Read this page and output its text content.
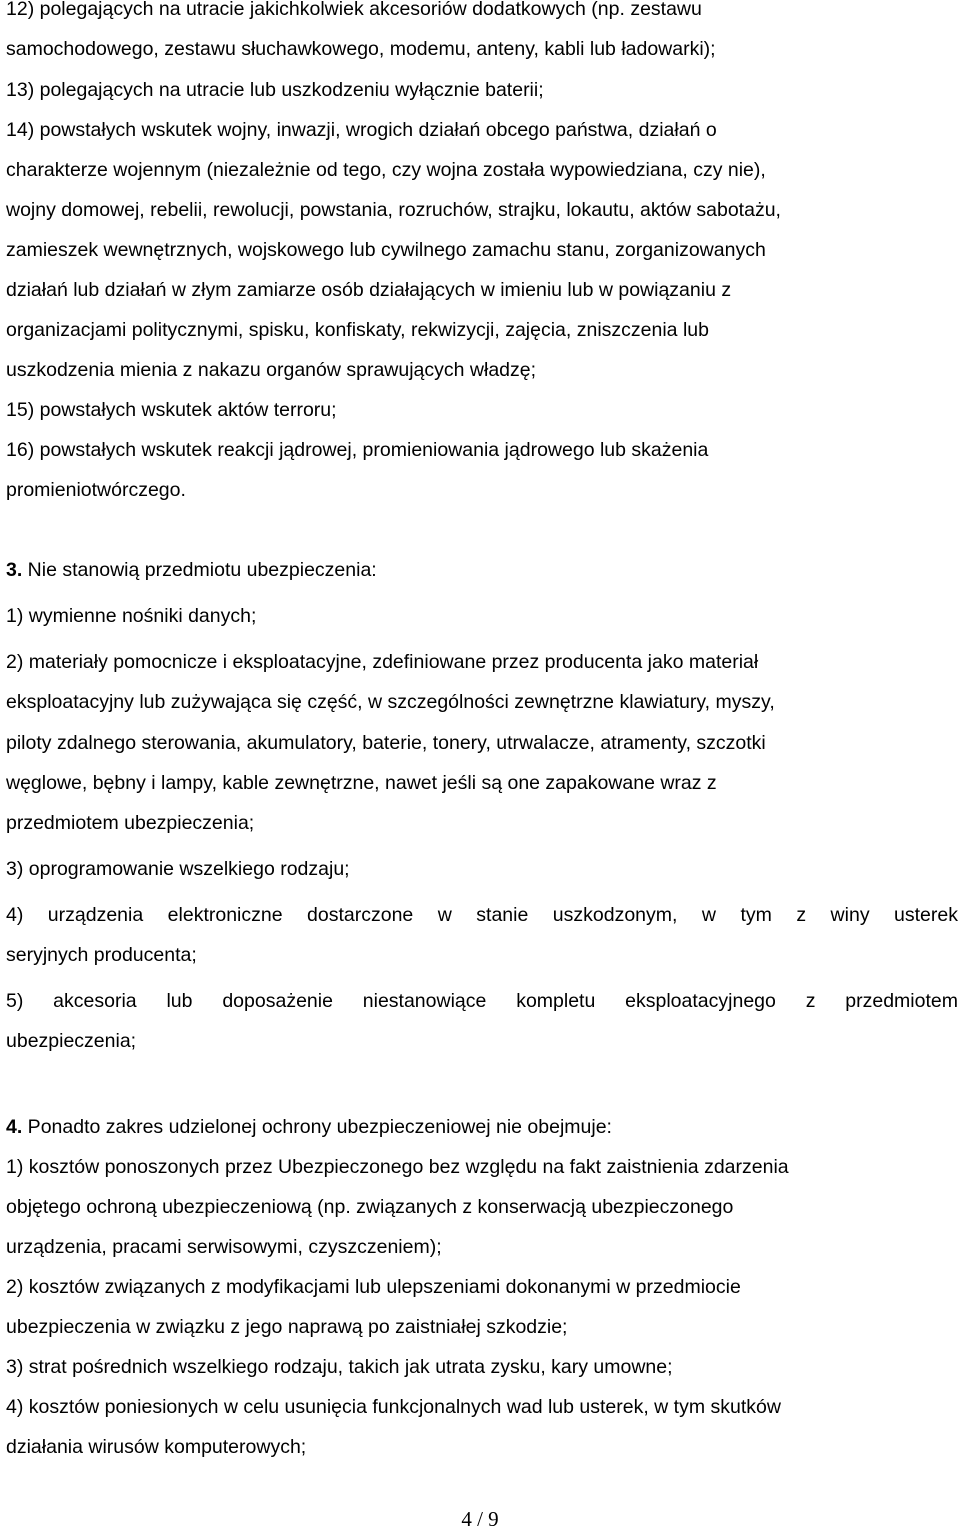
12) polegających na utracie jakichkolwiek akcesoriów dodatkowych (np. zestawu
samochodowego, zestawu słuchawkowego, modemu, anteny, kabli lub ładowarki);
13) polegających na utracie lub uszkodzeniu wyłącznie baterii;
14) powstałych wskutek wojny, inwazji, wrogich działań obcego państwa, działań o
charakterze wojennym (niezależnie od tego, czy wojna została wypowiedziana, czy nie),
wojny domowej, rebelii, rewolucji, powstania, rozruchów, strajku, lokautu, aktów sabotażu,
zamieszek wewnętrznych, wojskowego lub cywilnego zamachu stanu, zorganizowanych
działań lub działań w złym zamiarze osób działających w imieniu lub w powiązaniu z
organizacjami politycznymi, spisku, konfiskaty, rekwizycji, zajęcia, zniszczenia lub
uszkodzenia mienia z nakazu organów sprawujących władzę;
15) powstałych wskutek aktów terroru;
16) powstałych wskutek reakcji jądrowej, promieniowania jądrowego lub skażenia
promieniotwórczego.
3. Nie stanowią przedmiotu ubezpieczenia:
1) wymienne nośniki danych;
2) materiały pomocnicze i eksploatacyjne, zdefiniowane przez producenta jako materiał
eksploatacyjny lub zużywająca się część, w szczególności zewnętrzne klawiatury, myszy,
piloty zdalnego sterowania, akumulatory, baterie, tonery, utrwalacze, atramenty, szczotki
węglowe, bębny i lampy, kable zewnętrzne, nawet jeśli są one zapakowane wraz z
przedmiotem ubezpieczenia;
3) oprogramowanie wszelkiego rodzaju;
4) urządzenia elektroniczne dostarczone w stanie uszkodzonym, w tym z winy usterek
seryjnych producenta;
5) akcesoria lub doposażenie niestanowiące kompletu eksploatacyjnego z przedmiotem
ubezpieczenia;
4. Ponadto zakres udzielonej ochrony ubezpieczeniowej nie obejmuje:
1) kosztów ponoszonych przez Ubezpieczonego bez względu na fakt zaistnienia zdarzenia
objętego ochroną ubezpieczeniową (np. związanych z konserwacją ubezpieczonego
urządzenia, pracami serwisowymi, czyszczeniem);
2) kosztów związanych z modyfikacjami lub ulepszeniami dokonanymi w przedmiocie
ubezpieczenia w związku z jego naprawą po zaistniałej szkodzie;
3) strat pośrednich wszelkiego rodzaju, takich jak utrata zysku, kary umowne;
4) kosztów poniesionych w celu usunięcia funkcjonalnych wad lub usterek, w tym skutków
działania wirusów komputerowych;
4 / 9
